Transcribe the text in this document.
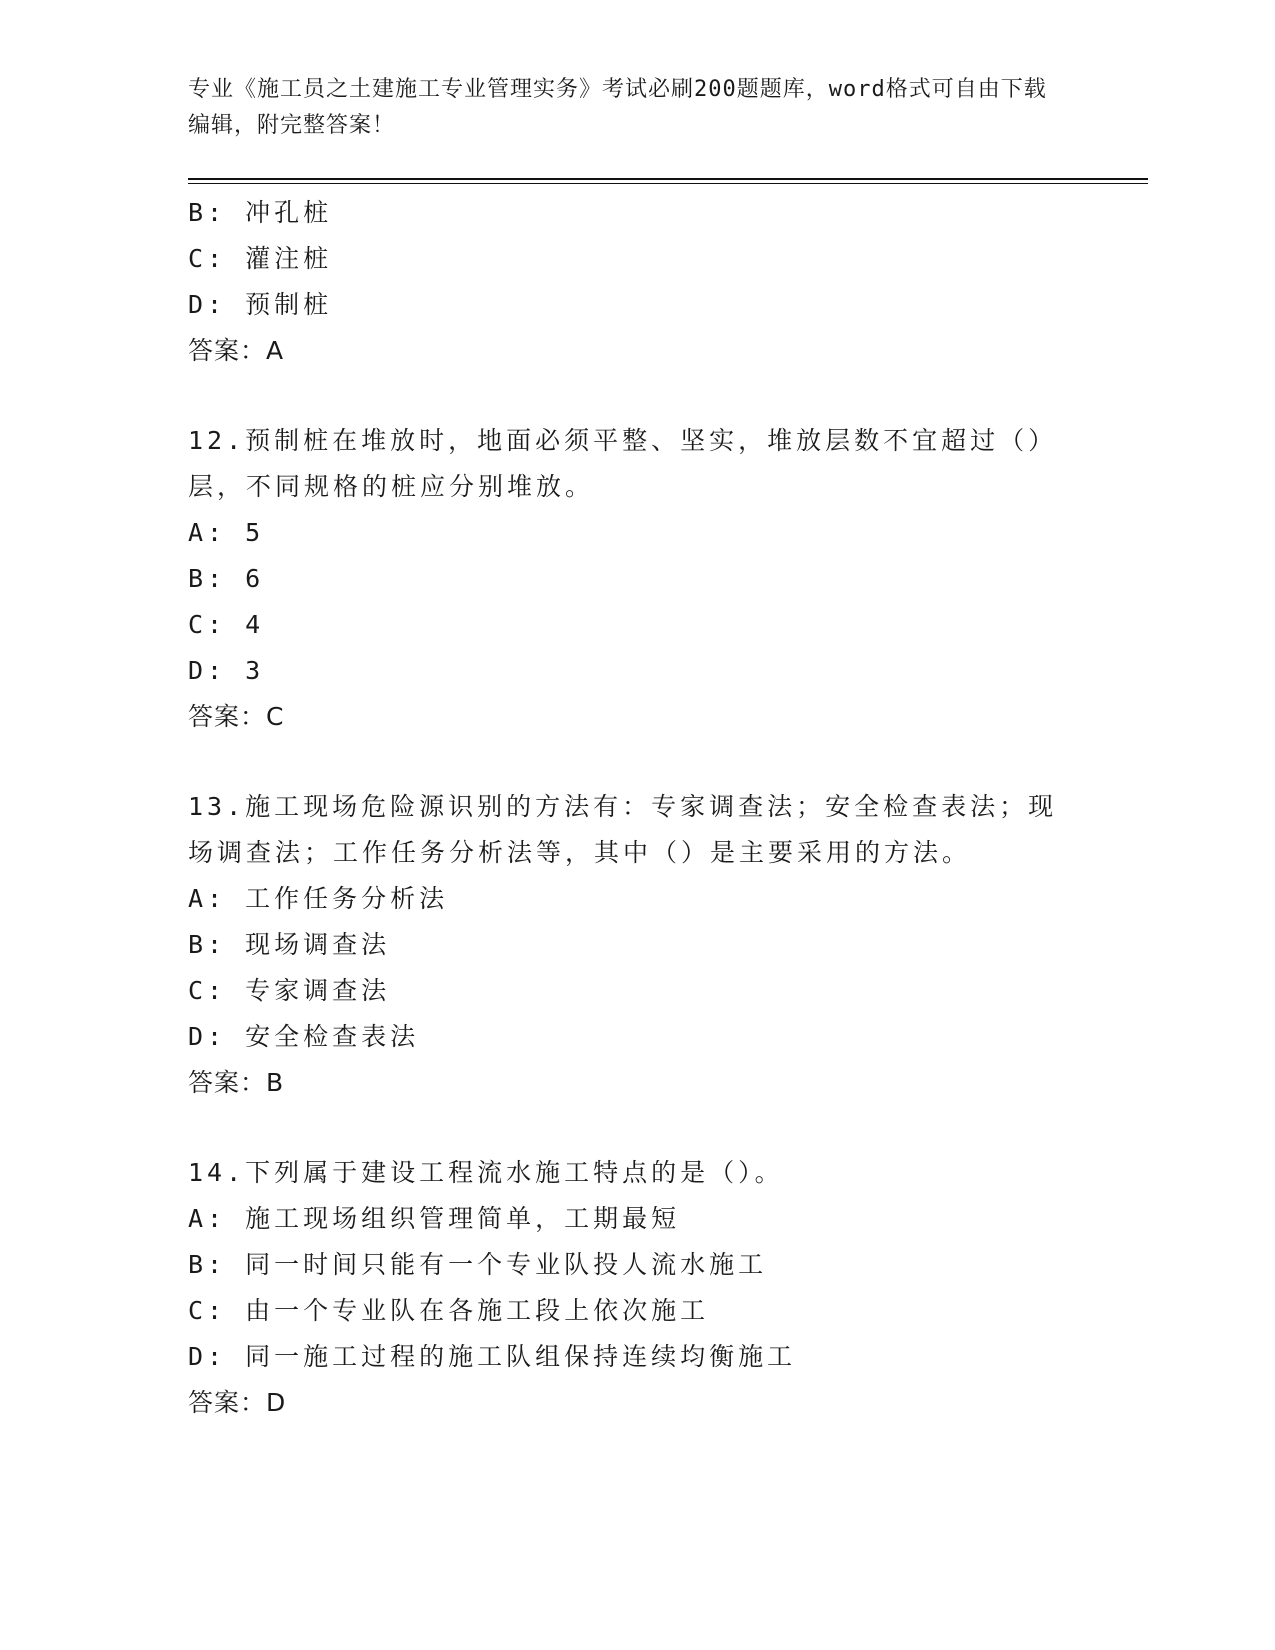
专业《施工员之土建施工专业管理实务》考试必刷200题题库，word格式可自由下载编辑，附完整答案！
B: 冲孔桩
C: 灌注桩
D: 预制桩
答案：A
12.预制桩在堆放时，地面必须平整、坚实，堆放层数不宜超过（）层，不同规格的桩应分别堆放。
A: 5
B: 6
C: 4
D: 3
答案：C
13.施工现场危险源识别的方法有：专家调查法；安全检查表法；现场调查法；工作任务分析法等，其中（）是主要采用的方法。
A: 工作任务分析法
B: 现场调查法
C: 专家调查法
D: 安全检查表法
答案：B
14.下列属于建设工程流水施工特点的是（）。
A: 施工现场组织管理简单，工期最短
B: 同一时间只能有一个专业队投人流水施工
C: 由一个专业队在各施工段上依次施工
D: 同一施工过程的施工队组保持连续均衡施工
答案：D
